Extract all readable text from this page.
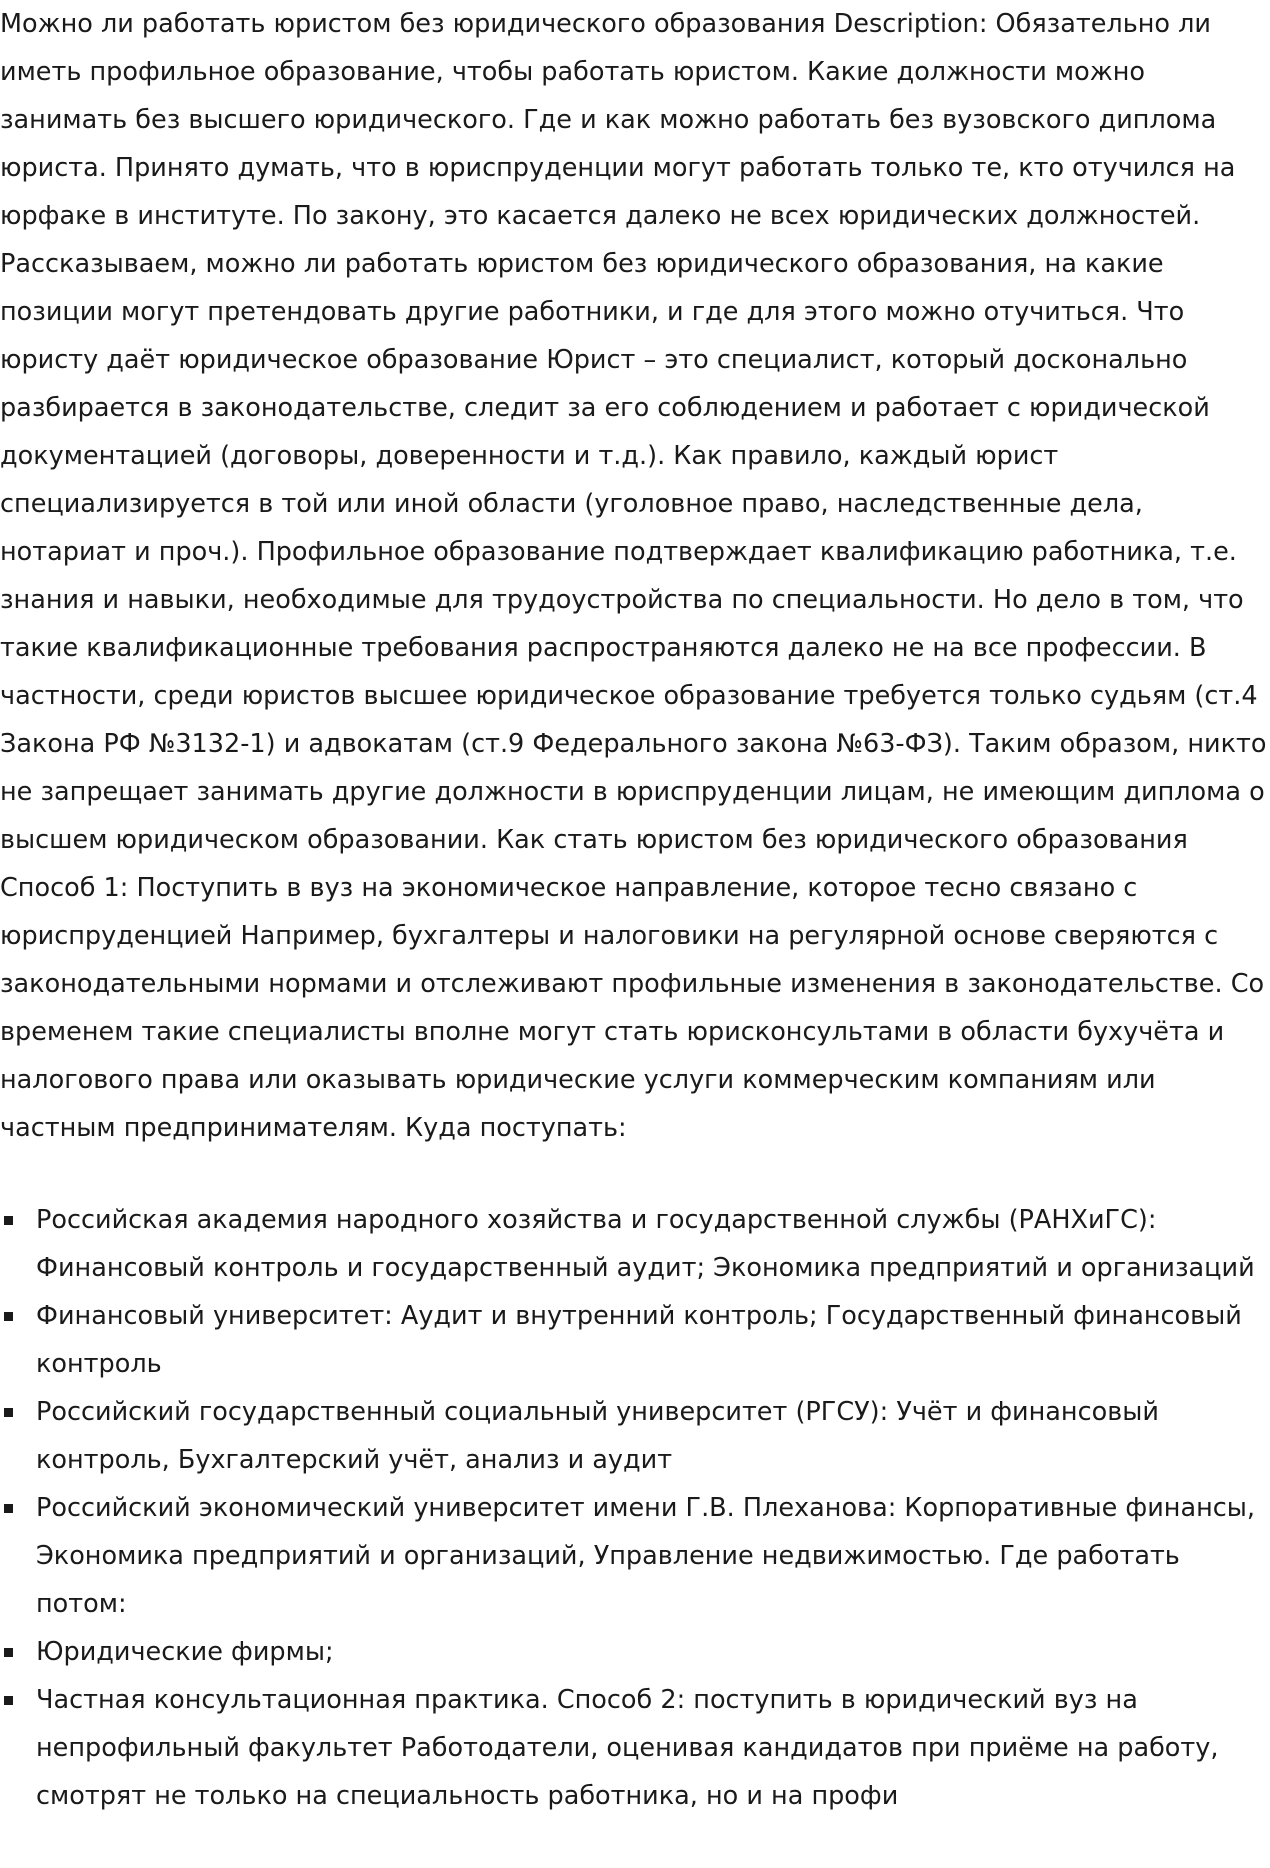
Можно ли работать юристом без юридического образования Description: Обязательно ли иметь профильное образование, чтобы работать юристом. Какие должности можно занимать без высшего юридического. Где и как можно работать без вузовского диплома юриста. Принято думать, что в юриспруденции могут работать только те, кто отучился на юрфаке в институте. По закону, это касается далеко не всех юридических должностей. Рассказываем, можно ли работать юристом без юридического образования, на какие позиции могут претендовать другие работники, и где для этого можно отучиться. Что юристу даёт юридическое образование Юрист – это специалист, который досконально разбирается в законодательстве, следит за его соблюдением и работает с юридической документацией (договоры, доверенности и т.д.). Как правило, каждый юрист специализируется в той или иной области (уголовное право, наследственные дела, нотариат и проч.). Профильное образование подтверждает квалификацию работника, т.е. знания и навыки, необходимые для трудоустройства по специальности. Но дело в том, что такие квалификационные требования распространяются далеко не на все профессии. В частности, среди юристов высшее юридическое образование требуется только судьям (ст.4 Закона РФ №3132-1) и адвокатам (ст.9 Федерального закона №63-ФЗ). Таким образом, никто не запрещает занимать другие должности в юриспруденции лицам, не имеющим диплома о высшем юридическом образовании. Как стать юристом без юридического образования Способ 1: Поступить в вуз на экономическое направление, которое тесно связано с юриспруденцией Например, бухгалтеры и налоговики на регулярной основе сверяются с законодательными нормами и отслеживают профильные изменения в законодательстве. Со временем такие специалисты вполне могут стать юрисконсультами в области бухучёта и налогового права или оказывать юридические услуги коммерческим компаниям или частным предпринимателям. Куда поступать:

Российская академия народного хозяйства и государственной службы (РАНХиГС): Финансовый контроль и государственный аудит; Экономика предприятий и организаций
Финансовый университет: Аудит и внутренний контроль; Государственный финансовый контроль
Российский государственный социальный университет (РГСУ): Учёт и финансовый контроль, Бухгалтерский учёт, анализ и аудит
Российский экономический университет имени Г.В. Плеханова: Корпоративные финансы, Экономика предприятий и организаций, Управление недвижимостью. Где работать потом:
Юридические фирмы;
Частная консультационная практика. Способ 2: поступить в юридический вуз на непрофильный факультет Работодатели, оценивая кандидатов при приёме на работу, смотрят не только на специальность работника, но и на профи
